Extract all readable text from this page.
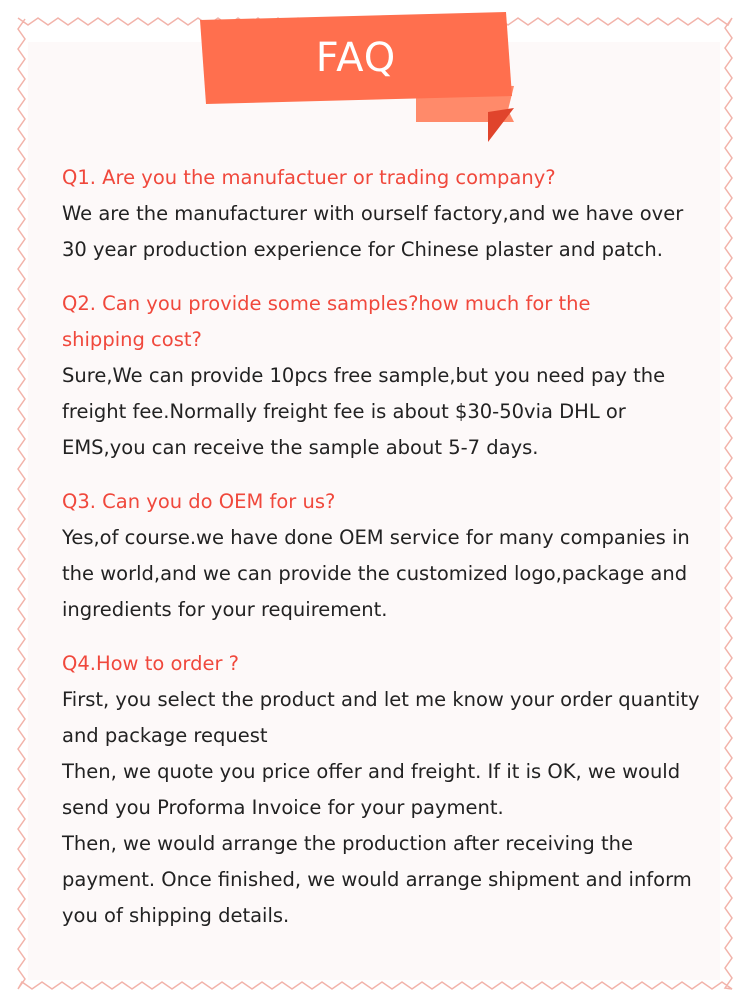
FAQ

Q1. Are you the manufactuer or trading company?

We are the manufacturer with ourself factory,and we have over

30 year production experience for Chinese plaster and patch.

Q2. Can you provide some samples?how much for the

shipping cost?

Sure,We can provide 10pcs free sample,but you need pay the

freight fee.Normally freight fee is about $30-50via DHL or

EMS,you can receive the sample about 5-7 days.

Q3. Can you do OEM for us?

Yes,of course.we have done OEM service for many companies in

the world,and we can provide the customized logo,package and

ingredients for your requirement.

Q4.How to order ?

First, you select the product and let me know your order quantity

and package request

Then, we quote you price offer and freight. If it is OK, we would

send you Proforma Invoice for your payment.

Then, we would arrange the production after receiving the

payment. Once finished, we would arrange shipment and inform

you of shipping details.
